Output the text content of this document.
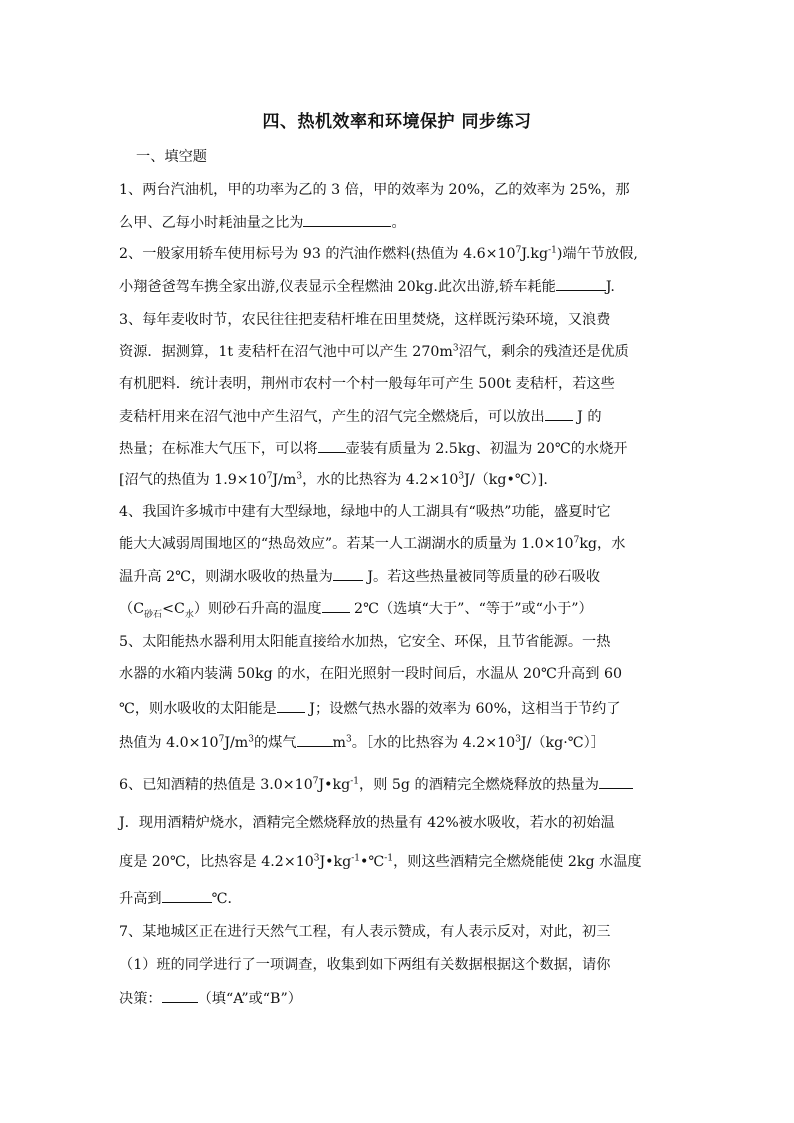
四、热机效率和环境保护 同步练习
一、填空题
1、两台汽油机，甲的功率为乙的 3 倍，甲的效率为 20%，乙的效率为 25%，那
么甲、乙每小时耗油量之比为	。
2、一般家用轿车使用标号为 93 的汽油作燃料(热值为 $4.6\times 10^7J.kg^{-1}$)端午节放假,
小翔爸爸驾车携全家出游,仪表显示全程燃油 20kg.此次出游,轿车耗能	J.
3、每年麦收时节，农民往往把麦秸杆堆在田里焚烧，这样既污染环境，又浪费
资源．据测算，1t 麦秸杆在沼气池中可以产生 $270m^3$沼气，剩余的残渣还是优质
有机肥料．统计表明，荆州市农村一个村一般每年可产生 500t 麦秸杆，若这些
麦秸杆用来在沼气池中产生沼气，产生的沼气完全燃烧后，可以放出 J 的
热量；在标准大气压下，可以将 壶装有质量为 2.5kg、初温为 20℃的水烧开
[沼气的热值为 $1.9\times 10^7J/m^3$，水的比热容为 $4.2\times 10^3J/(kg•℃)$].
4、我国许多城市中建有大型绿地，绿地中的人工湖具有“吸热”功能，盛夏时它
能大大减弱周围地区的“热岛效应”。若某一人工湖湖水的质量为 $1.0\times 10^7kg$，水
温升高 2℃，则湖水吸收的热量为 J。若这些热量被同等质量的砂石吸收
$(C_{砂石}<C_水)$则砂石升高的温度 2℃（选填“大于”、“等于”或“小于”）
5、太阳能热水器利用太阳能直接给水加热，它安全、环保，且节省能源。一热
水器的水箱内装满 50kg 的水，在阳光照射一段时间后，水温从 20℃升高到 60
℃，则水吸收的太阳能是 J；设燃气热水器的效率为 60%，这相当于节约了
热值为 $4.0\times 10^7J/m^3$的煤气	$m^3$。［水的比热容为 $4.2\times 10^3J/(kg\cdot℃)]$
6、已知酒精的热值是 $3.0\times 10^7J•kg^{-1}$，则 5g 的酒精完全燃烧释放的热量为
J．现用酒精炉烧水，酒精完全燃烧释放的热量有 42%被水吸收，若水的初始温
度是 20℃，比热容是 $4.2\times 10^3J•kg^{-1}•℃^{-1}$，则这些酒精完全燃烧能使 2kg 水温度
升高到	℃．
7、某地城区正在进行天然气工程，有人表示赞成，有人表示反对，对此，初三
（1）班的同学进行了一项调查，收集到如下两组有关数据根据这个数据，请你
决策：	（填“A”或“B”）
